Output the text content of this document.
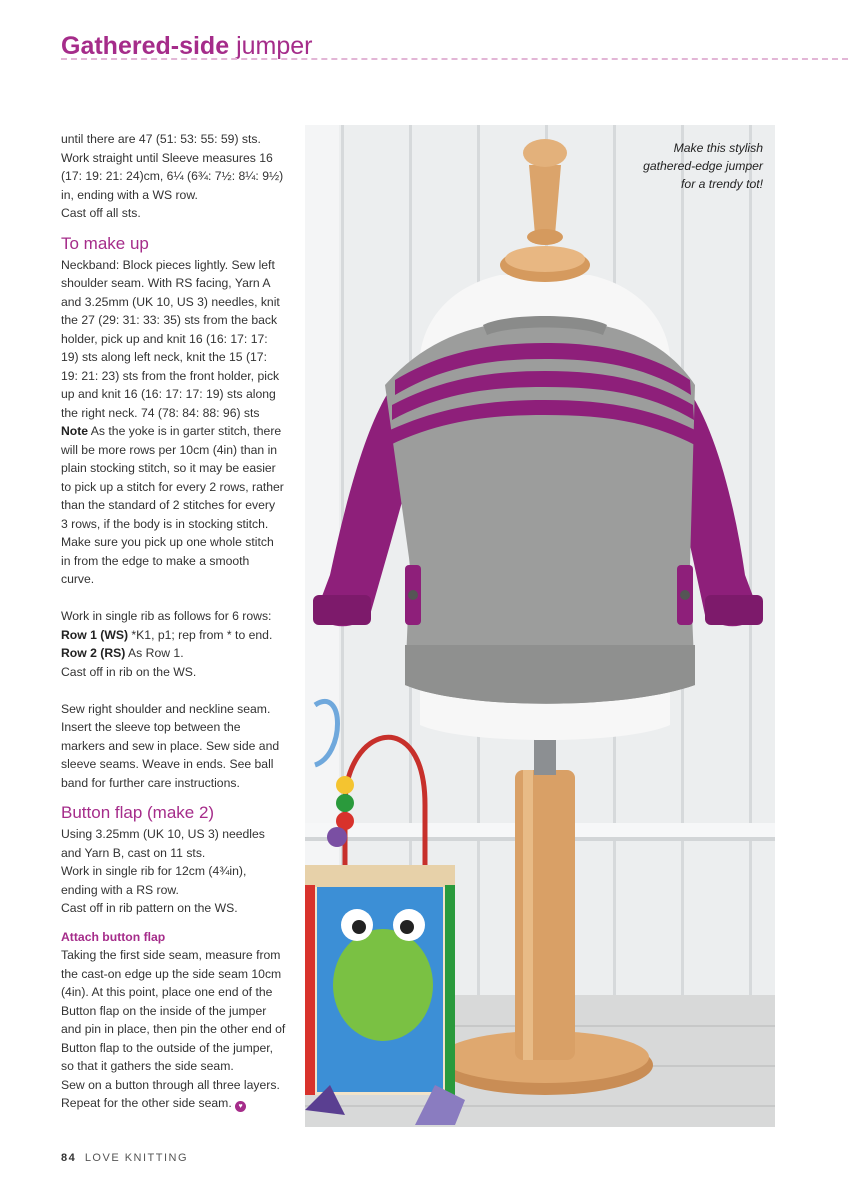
Gathered-side jumper

until there are 47 (51: 53: 55: 59) sts.

Work straight until Sleeve measures 16

(17: 19: 21: 24)cm, 6¼ (6¾: 7½: 8¼: 9½)

in, ending with a WS row.

Cast off all sts.

To make up

Neckband: Block pieces lightly. Sew left

shoulder seam. With RS facing, Yarn A

and 3.25mm (UK 10, US 3) needles, knit

the 27 (29: 31: 33: 35) sts from the back

holder, pick up and knit 16 (16: 17: 17:

19) sts along left neck, knit the 15 (17:

19: 21: 23) sts from the front holder, pick

up and knit 16 (16: 17: 17: 19) sts along

the right neck. 74 (78: 84: 88: 96) sts

Note As the yoke is in garter stitch, there

will be more rows per 10cm (4in) than in

plain stocking stitch, so it may be easier

to pick up a stitch for every 2 rows, rather

than the standard of 2 stitches for every

3 rows, if the body is in stocking stitch.

Make sure you pick up one whole stitch

in from the edge to make a smooth

curve.

Work in single rib as follows for 6 rows:

Row 1 (WS) *K1, p1; rep from * to end.

Row 2 (RS) As Row 1.

Cast off in rib on the WS.

Sew right shoulder and neckline seam.

Insert the sleeve top between the

markers and sew in place. Sew side and

sleeve seams. Weave in ends. See ball

band for further care instructions.

Button flap (make 2)

Using 3.25mm (UK 10, US 3) needles

and Yarn B, cast on 11 sts.

Work in single rib for 12cm (4¾in),

ending with a RS row.

Cast off in rib pattern on the WS.

Attach button flap

Taking the first side seam, measure from

the cast-on edge up the side seam 10cm

(4in). At this point, place one end of the

Button flap on the inside of the jumper

and pin in place, then pin the other end of

Button flap to the outside of the jumper,

so that it gathers the side seam.

Sew on a button through all three layers.

Repeat for the other side seam. ♥

Make this stylish

gathered-edge jumper

for a trendy tot!

84 LOVE KNITTING
